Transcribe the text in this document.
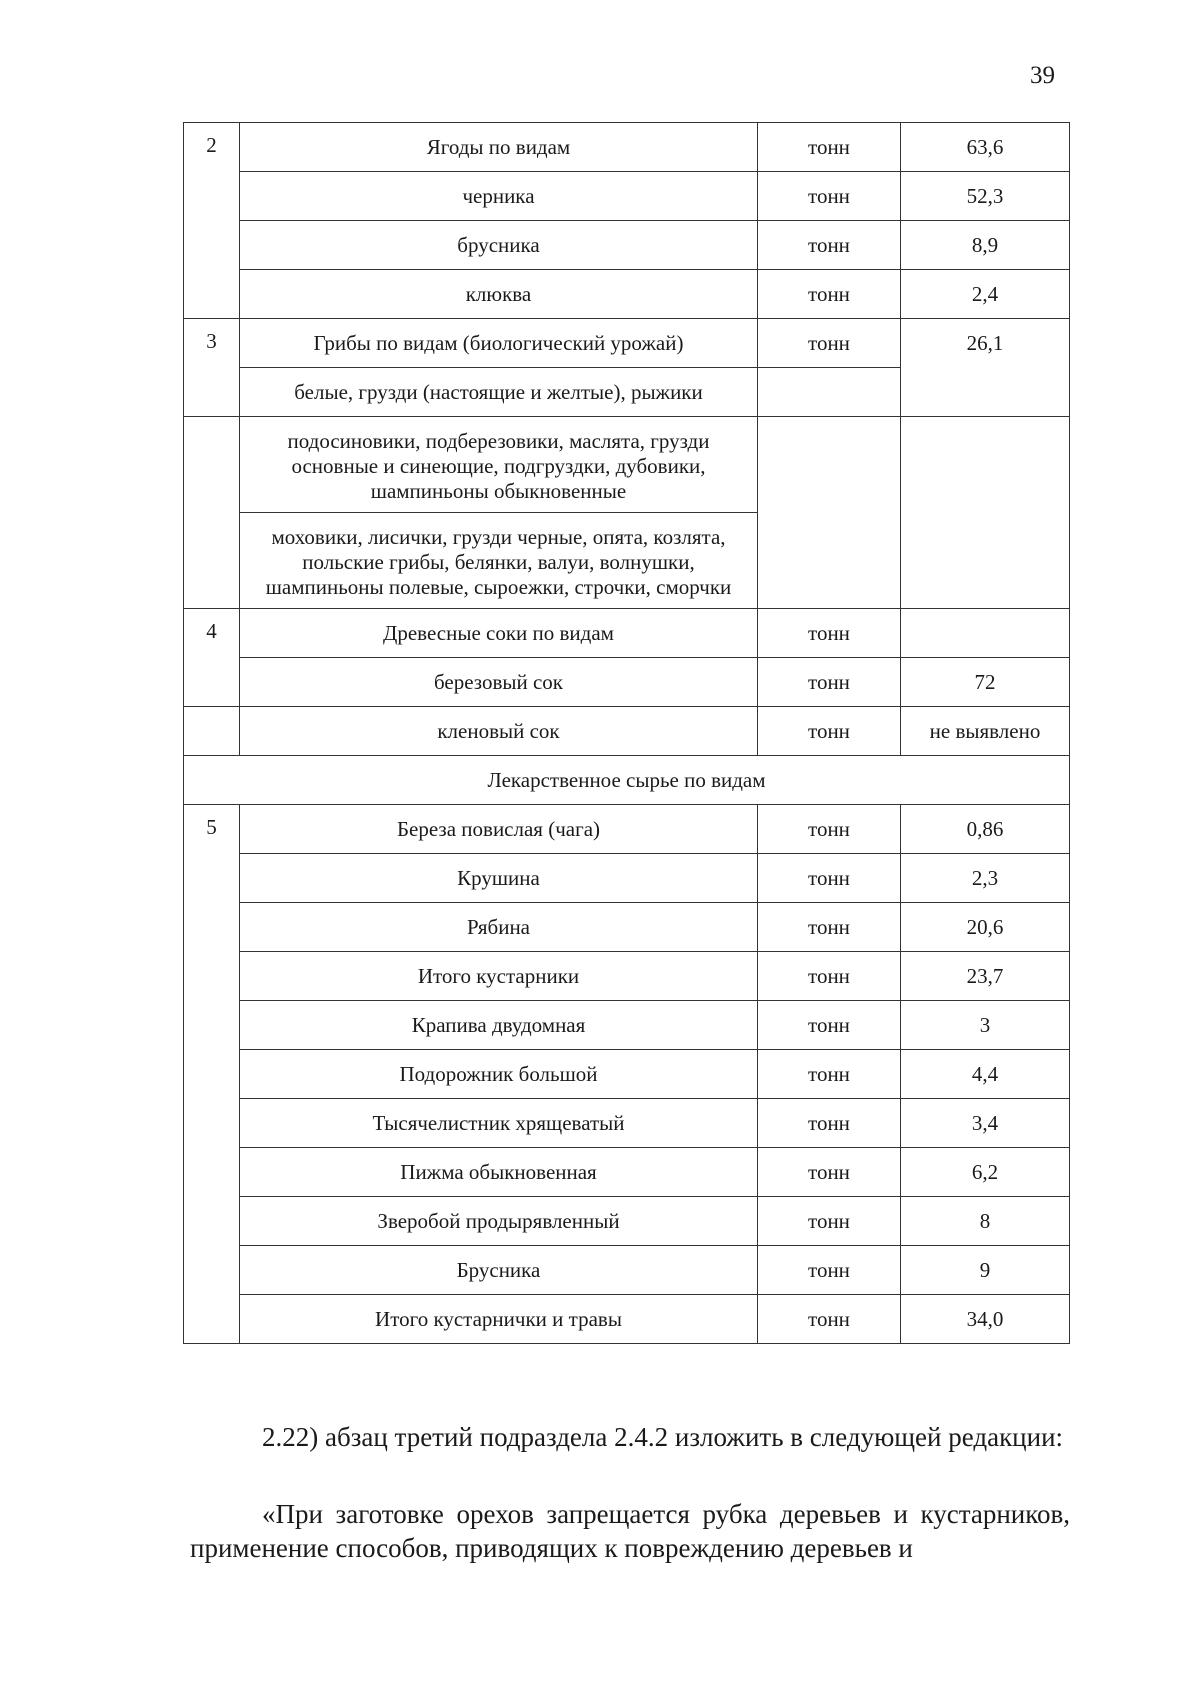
39
2	Ягоды по видам	тонн	63,6
	черника	тонн	52,3
	брусника	тонн	8,9
	клюква	тонн	2,4
3	Грибы по видам (биологический урожай)	тонн	26,1
	белые, грузди (настоящие и желтые), рыжики		
	подосиновики, подберезовики, маслята, грузди основные и синеющие, подгруздки, дубовики, шампиньоны обыкновенные		
	моховики, лисички, грузди черные, опята, козлята, польские грибы, белянки, валуи, волнушки, шампиньоны полевые, сыроежки, строчки, сморчки		
4	Древесные соки по видам	тонн	
	березовый сок	тонн	72
	кленовый сок	тонн	не выявлено
Лекарственное сырье по видам			
5	Береза повислая (чага)	тонн	0,86
	Крушина	тонн	2,3
	Рябина	тонн	20,6
	Итого кустарники	тонн	23,7
	Крапива двудомная	тонн	3
	Подорожник большой	тонн	4,4
	Тысячелистник хрящеватый	тонн	3,4
	Пижма обыкновенная	тонн	6,2
	Зверобой продырявленный	тонн	8
	Брусника	тонн	9
	Итого кустарнички и травы	тонн	34,0
2.22) абзац третий подраздела 2.4.2 изложить в следующей редакции:
«При заготовке орехов запрещается рубка деревьев и кустарников, применение способов, приводящих к повреждению деревьев и
